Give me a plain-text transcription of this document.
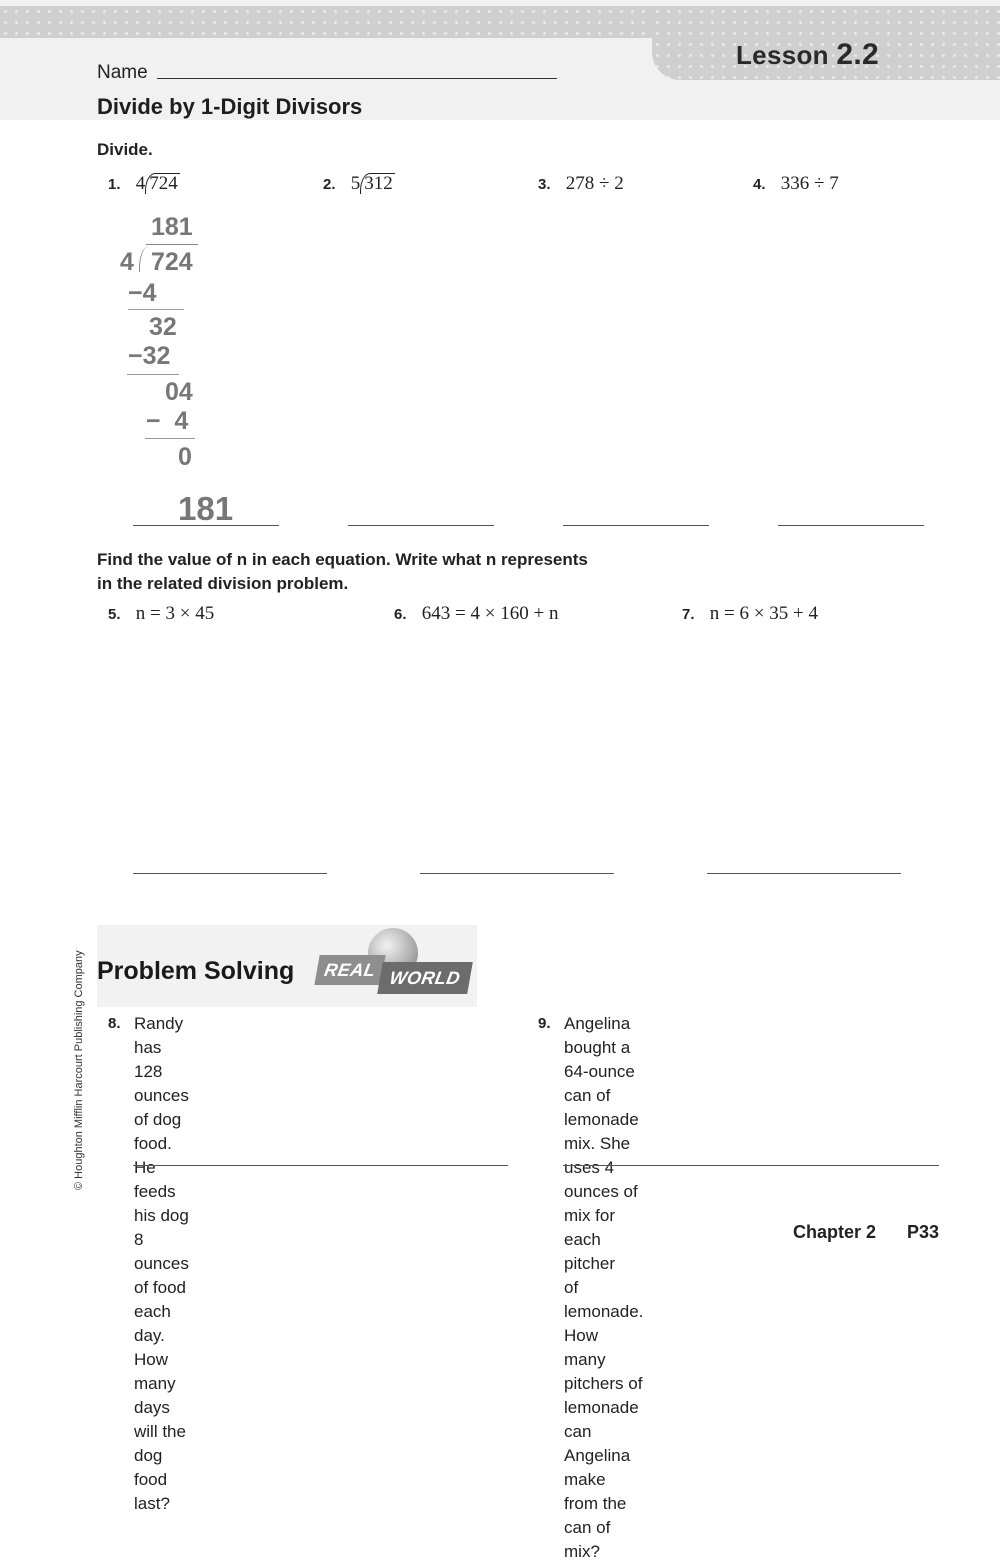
Lesson 2.2
Name
Divide by 1-Digit Divisors
Divide.
1. 4 724	2. 5 312	3. 278 ÷ 2	4. 336 ÷ 7
181
4 724
−4
32
−32
04
−  4
0
181
Find the value of n in each equation. Write what n represents
in the related division problem.
5. n = 3 × 45	6. 643 = 4 × 160 + n	7. n = 6 × 35 + 4
© Houghton Mifflin Harcourt Publishing Company Problem Solving	REAL WORLD
8. Randy has 128 ounces of dog food. He feeds
his dog 8 ounces of food each day. How many
days will the dog food last?
9. Angelina bought a 64-ounce can of lemonade
mix. She uses 4 ounces of mix for each pitcher
of lemonade. How many pitchers of lemonade
can Angelina make from the can of mix?
Chapter 2 P33
